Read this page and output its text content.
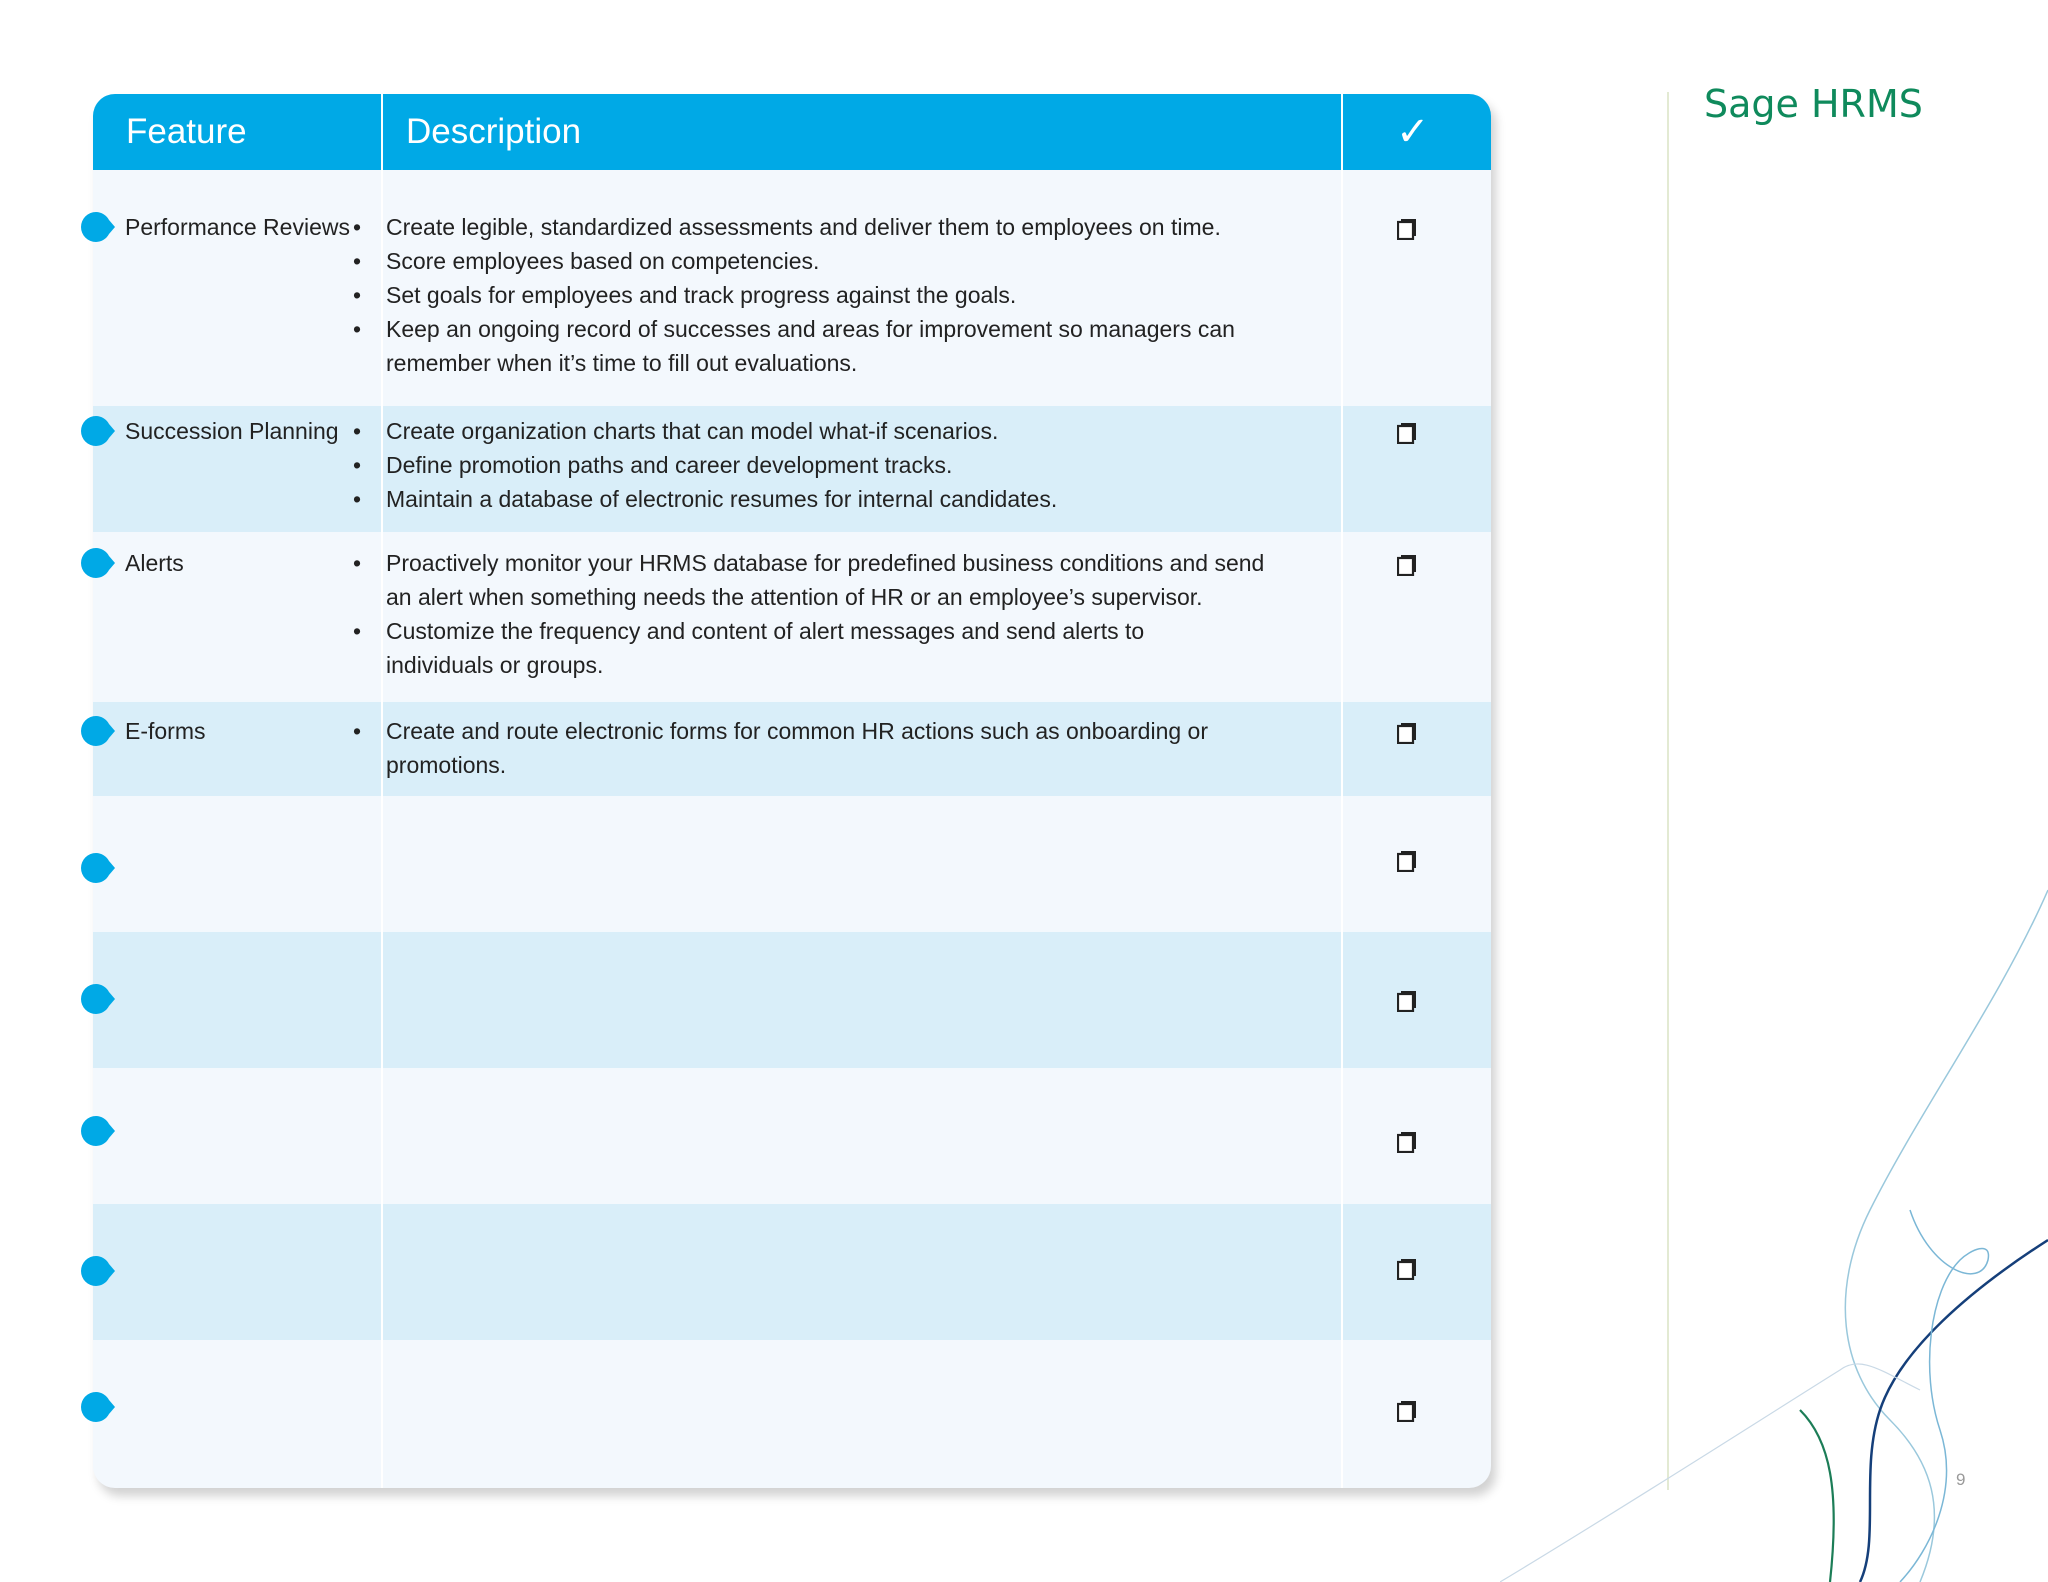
Feature	Description	✓
Performance Reviews • Create legible, standardized assessments and deliver them to employees on time.
• Score employees based on competencies.
• Set goals for employees and track progress against the goals.
• Keep an ongoing record of successes and areas for improvement so managers can remember when it’s time to fill out evaluations.
Succession Planning • Create organization charts that can model what-if scenarios.
• Define promotion paths and career development tracks.
• Maintain a database of electronic resumes for internal candidates.
Alerts	• Proactively monitor your HRMS database for predefined business conditions and send an alert when something needs the attention of HR or an employee’s supervisor.
• Customize the frequency and content of alert messages and send alerts to individuals or groups.
E-forms	• Create and route electronic forms for common HR actions such as onboarding or promotions.
Sage HRMS
9
